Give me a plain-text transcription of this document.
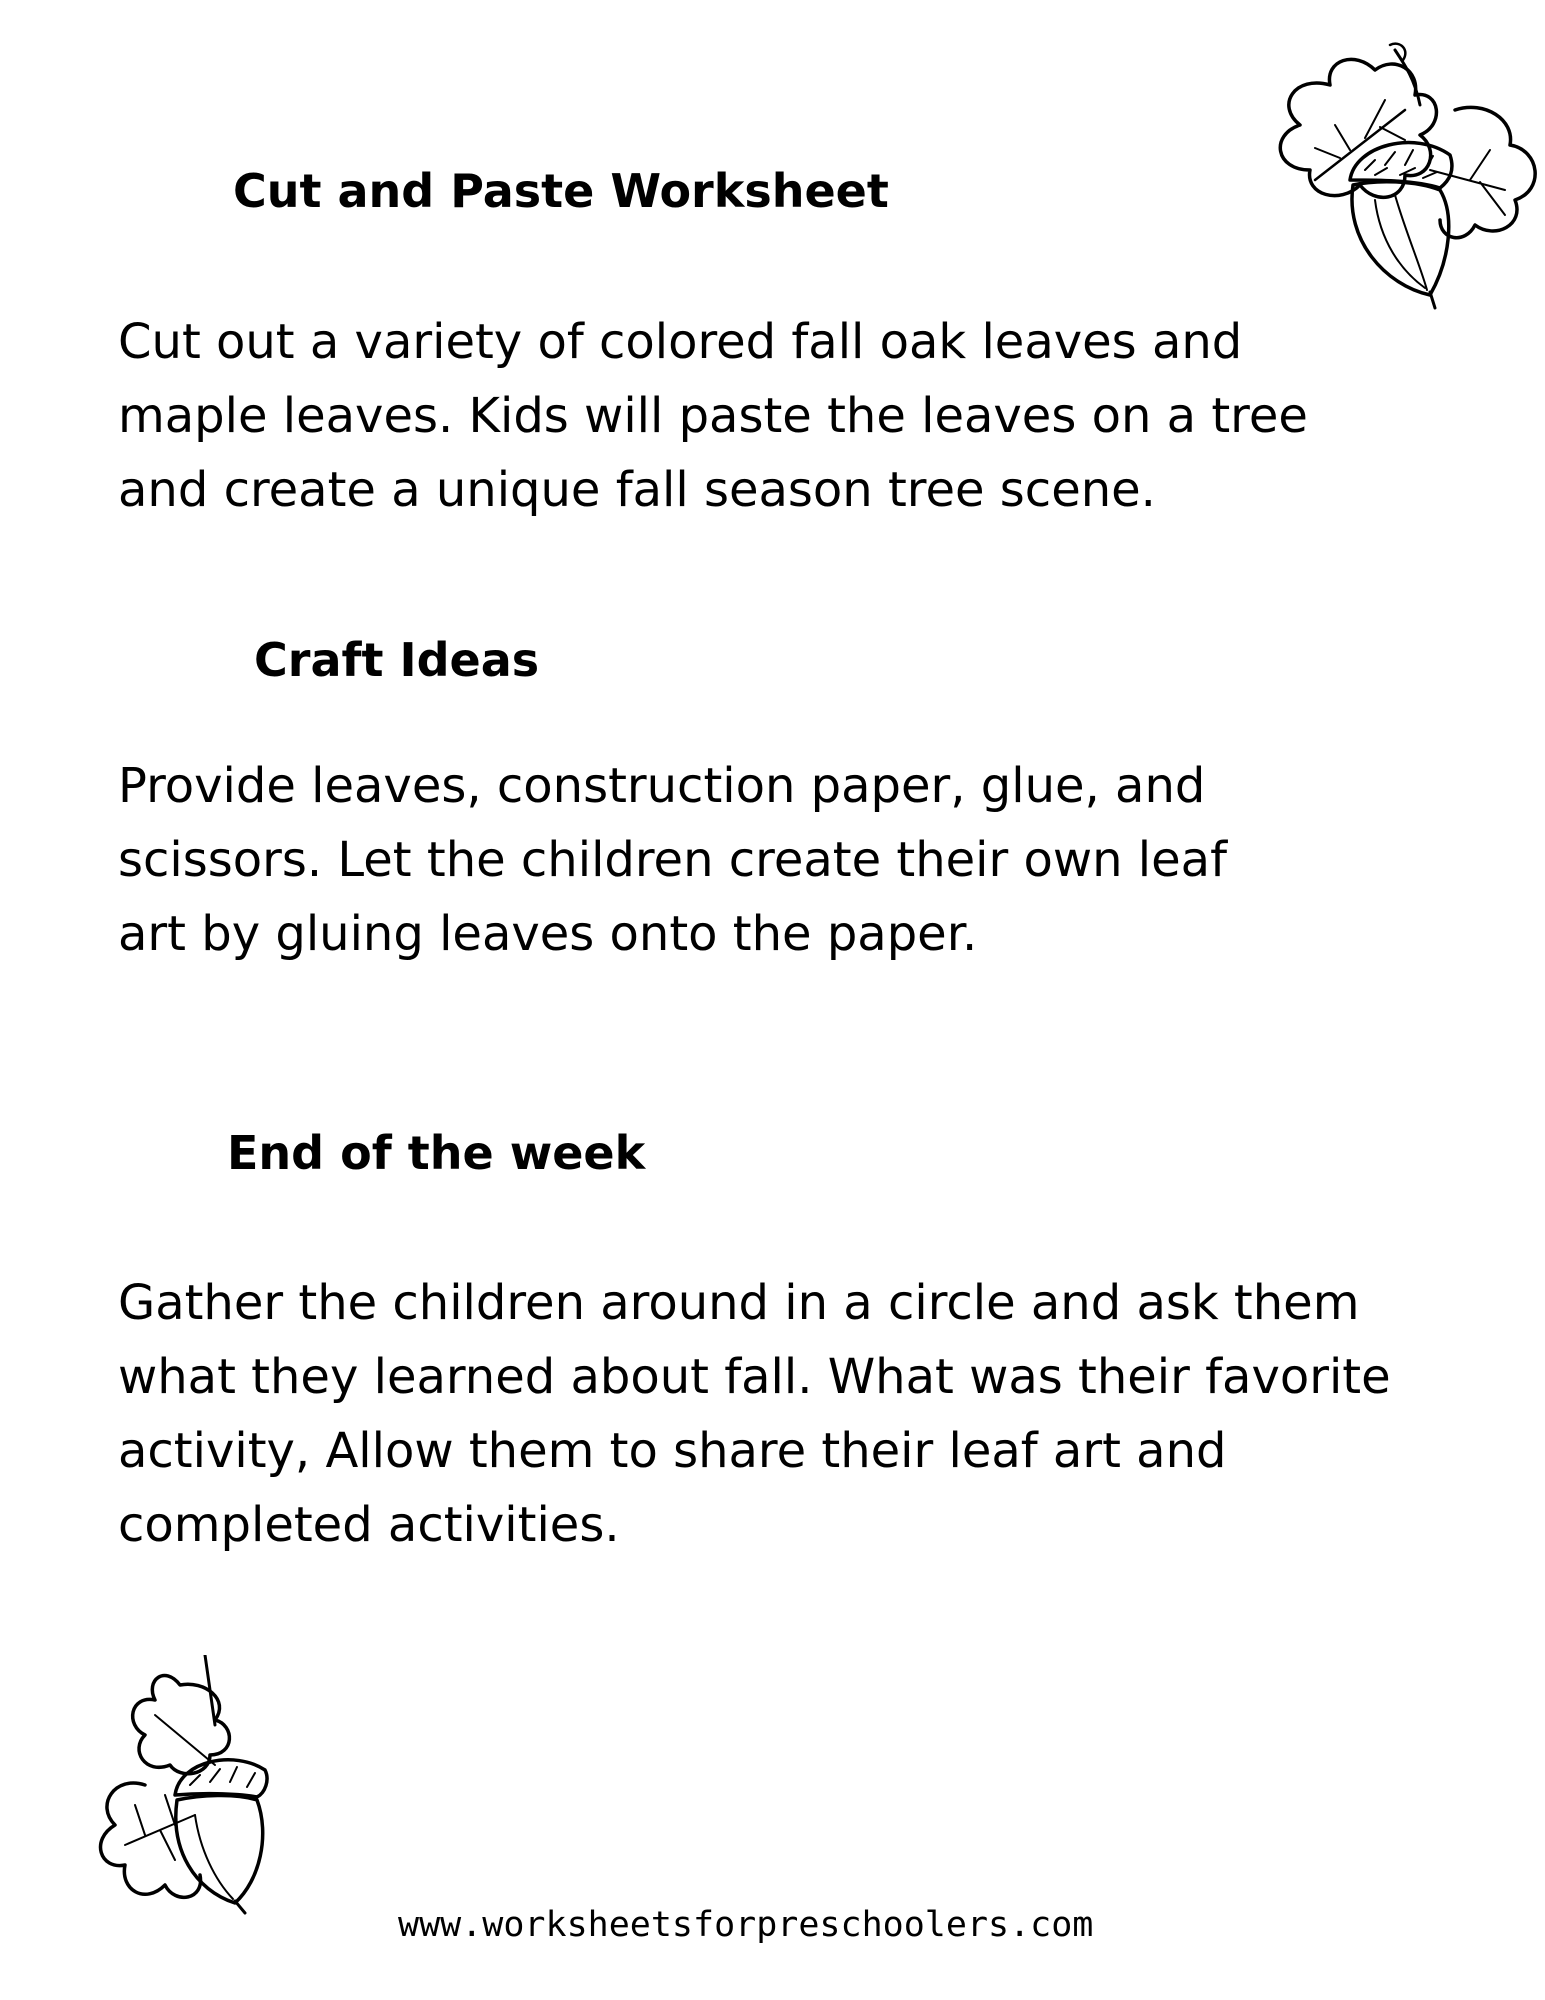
Cut and Paste Worksheet

Cut out a variety of colored fall oak leaves and
maple leaves. Kids will paste the leaves on a tree
and create a unique fall season tree scene.

Craft Ideas

Provide leaves, construction paper, glue, and
scissors. Let the children create their own leaf
art by gluing leaves onto the paper.

End of the week

Gather the children around in a circle and ask them
what they learned about fall. What was their favorite
activity, Allow them to share their leaf art and
completed activities.

www.worksheetsforpreschoolers.com
